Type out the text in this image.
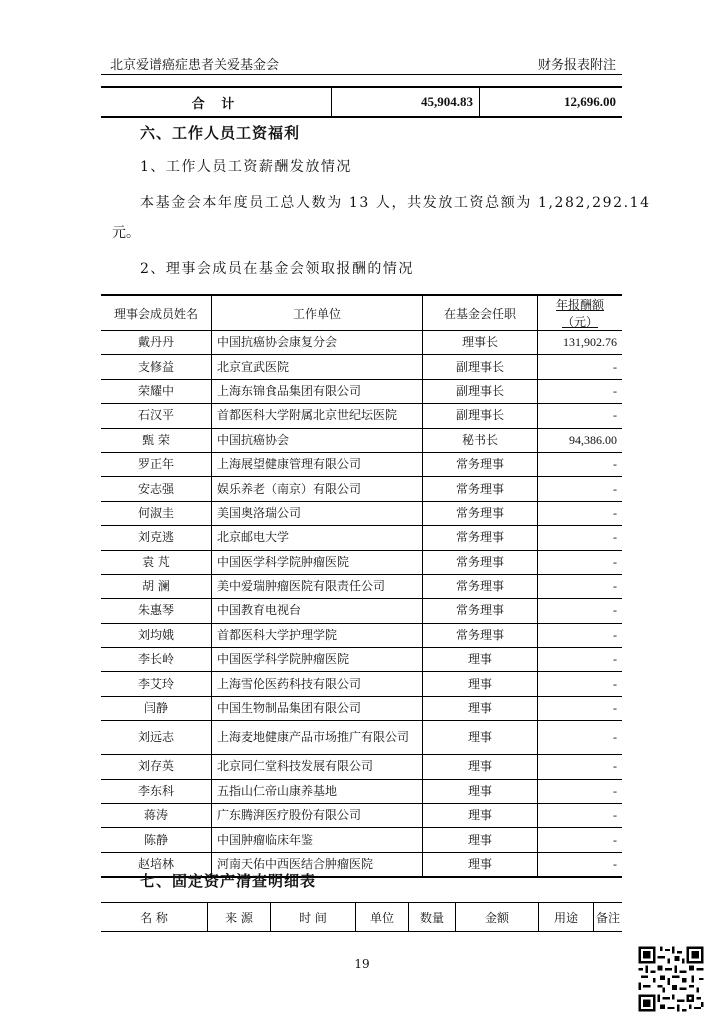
北京爱谱癌症患者关爱基金会	财务报表附注
合 计	45,904.83	12,696.00
六、工作人员工资福利
1、工作人员工资薪酬发放情况
本基金会本年度员工总人数为 13 人，共发放工资总额为 1,282,292.14
元。
2、理事会成员在基金会领取报酬的情况
理事会成员姓名	工作单位	在基金会任职	年报酬额（元）
戴丹丹	中国抗癌协会康复分会	理事长	131,902.76
支修益	北京宣武医院	副理事长	-
荣耀中	上海东锦食品集团有限公司	副理事长	-
石汉平	首都医科大学附属北京世纪坛医院	副理事长	-
甄 荣	中国抗癌协会	秘书长	94,386.00
罗正年	上海展望健康管理有限公司	常务理事	-
安志强	娱乐养老（南京）有限公司	常务理事	-
何淑圭	美国奥洛瑞公司	常务理事	-
刘克逃	北京邮电大学	常务理事	-
袁 芃	中国医学科学院肿瘤医院	常务理事	-
胡 澜	美中爱瑞肿瘤医院有限责任公司	常务理事	-
朱惠琴	中国教育电视台	常务理事	-
刘均娥	首都医科大学护理学院	常务理事	-
李长岭	中国医学科学院肿瘤医院	理事	-
李艾玲	上海雪伦医药科技有限公司	理事	-
闫静	中国生物制品集团有限公司	理事	-
刘远志	上海麦地健康产品市场推广有限公司	理事	-
刘存英	北京同仁堂科技发展有限公司	理事	-
李东科	五指山仁帝山康养基地	理事	-
蒋涛	广东腾湃医疗股份有限公司	理事	-
陈静	中国肿瘤临床年鉴	理事	-
赵培林	河南天佑中西医结合肿瘤医院	理事	-
七、固定资产清查明细表
名 称	来 源	时 间	单位	数量	金额	用途	备注
19
